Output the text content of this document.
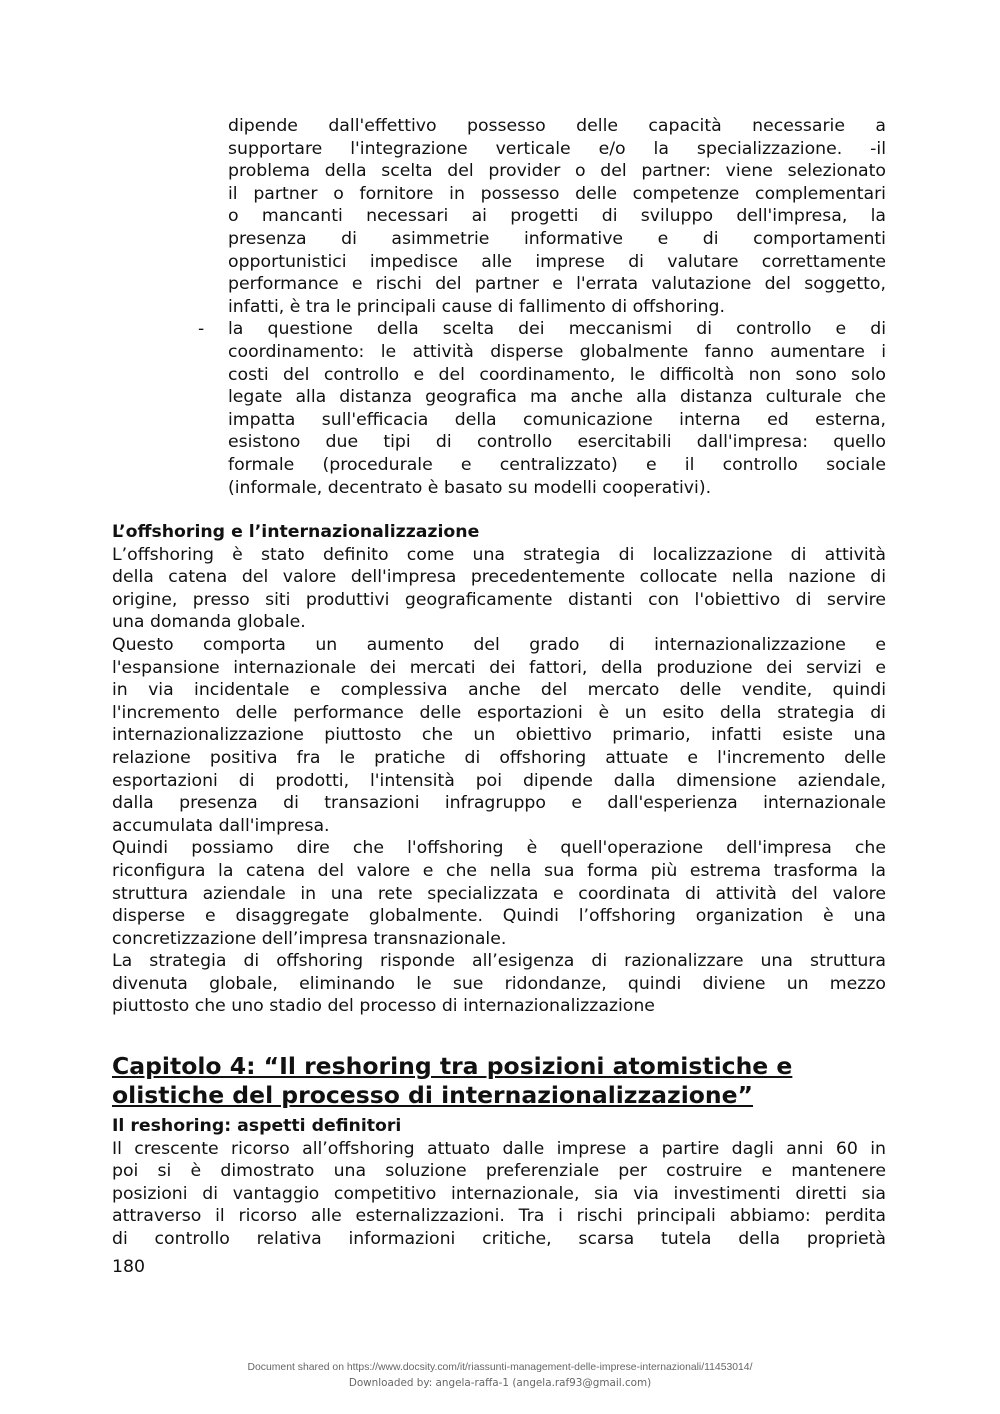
-
dipende dall'effettivo possesso delle capacità necessarie a
supportare l'integrazione verticale e/o la specializzazione. -il
problema della scelta del provider o del partner: viene selezionato
il partner o fornitore in possesso delle competenze complementari
o mancanti necessari ai progetti di sviluppo dell'impresa, la
presenza di asimmetrie informative e di comportamenti
opportunistici impedisce alle imprese di valutare correttamente
performance e rischi del partner e l'errata valutazione del soggetto,
infatti, è tra le principali cause di fallimento di offshoring.
la questione della scelta dei meccanismi di controllo e di
coordinamento: le attività disperse globalmente fanno aumentare i
costi del controllo e del coordinamento, le difficoltà non sono solo
legate alla distanza geografica ma anche alla distanza culturale che
impatta sull'efficacia della comunicazione interna ed esterna,
esistono due tipi di controllo esercitabili dall'impresa: quello
formale (procedurale e centralizzato) e il controllo sociale
(informale, decentrato è basato su modelli cooperativi).
L’offshoring e l’internazionalizzazione
L’offshoring è stato definito come una strategia di localizzazione di attività
della catena del valore dell'impresa precedentemente collocate nella nazione di
origine, presso siti produttivi geograficamente distanti con l'obiettivo di servire
una domanda globale.
Questo comporta un aumento del grado di internazionalizzazione e
l'espansione internazionale dei mercati dei fattori, della produzione dei servizi e
in via incidentale e complessiva anche del mercato delle vendite, quindi
l'incremento delle performance delle esportazioni è un esito della strategia di
internazionalizzazione piuttosto che un obiettivo primario, infatti esiste una
relazione positiva fra le pratiche di offshoring attuate e l'incremento delle
esportazioni di prodotti, l'intensità poi dipende dalla dimensione aziendale,
dalla presenza di transazioni infragruppo e dall'esperienza internazionale
accumulata dall'impresa.
Quindi possiamo dire che l'offshoring è quell'operazione dell'impresa che
riconfigura la catena del valore e che nella sua forma più estrema trasforma la
struttura aziendale in una rete specializzata e coordinata di attività del valore
disperse e disaggregate globalmente. Quindi l’offshoring organization è una
concretizzazione dell’impresa transnazionale.
La strategia di offshoring risponde all’esigenza di razionalizzare una struttura
divenuta globale, eliminando le sue ridondanze, quindi diviene un mezzo
piuttosto che uno stadio del processo di internazionalizzazione
Capitolo 4: “Il reshoring tra posizioni atomistiche e
olistiche del processo di internazionalizzazione”
Il reshoring: aspetti definitori
Il crescente ricorso all’offshoring attuato dalle imprese a partire dagli anni 60 in
poi si è dimostrato una soluzione preferenziale per costruire e mantenere
posizioni di vantaggio competitivo internazionale, sia via investimenti diretti sia
attraverso il ricorso alle esternalizzazioni. Tra i rischi principali abbiamo: perdita
di controllo relativa informazioni critiche, scarsa tutela della proprietà
180
Document shared on https://www.docsity.com/it/riassunti-management-delle-imprese-internazionali/11453014/
Downloaded by: angela-raffa-1 (angela.raf93@gmail.com)
